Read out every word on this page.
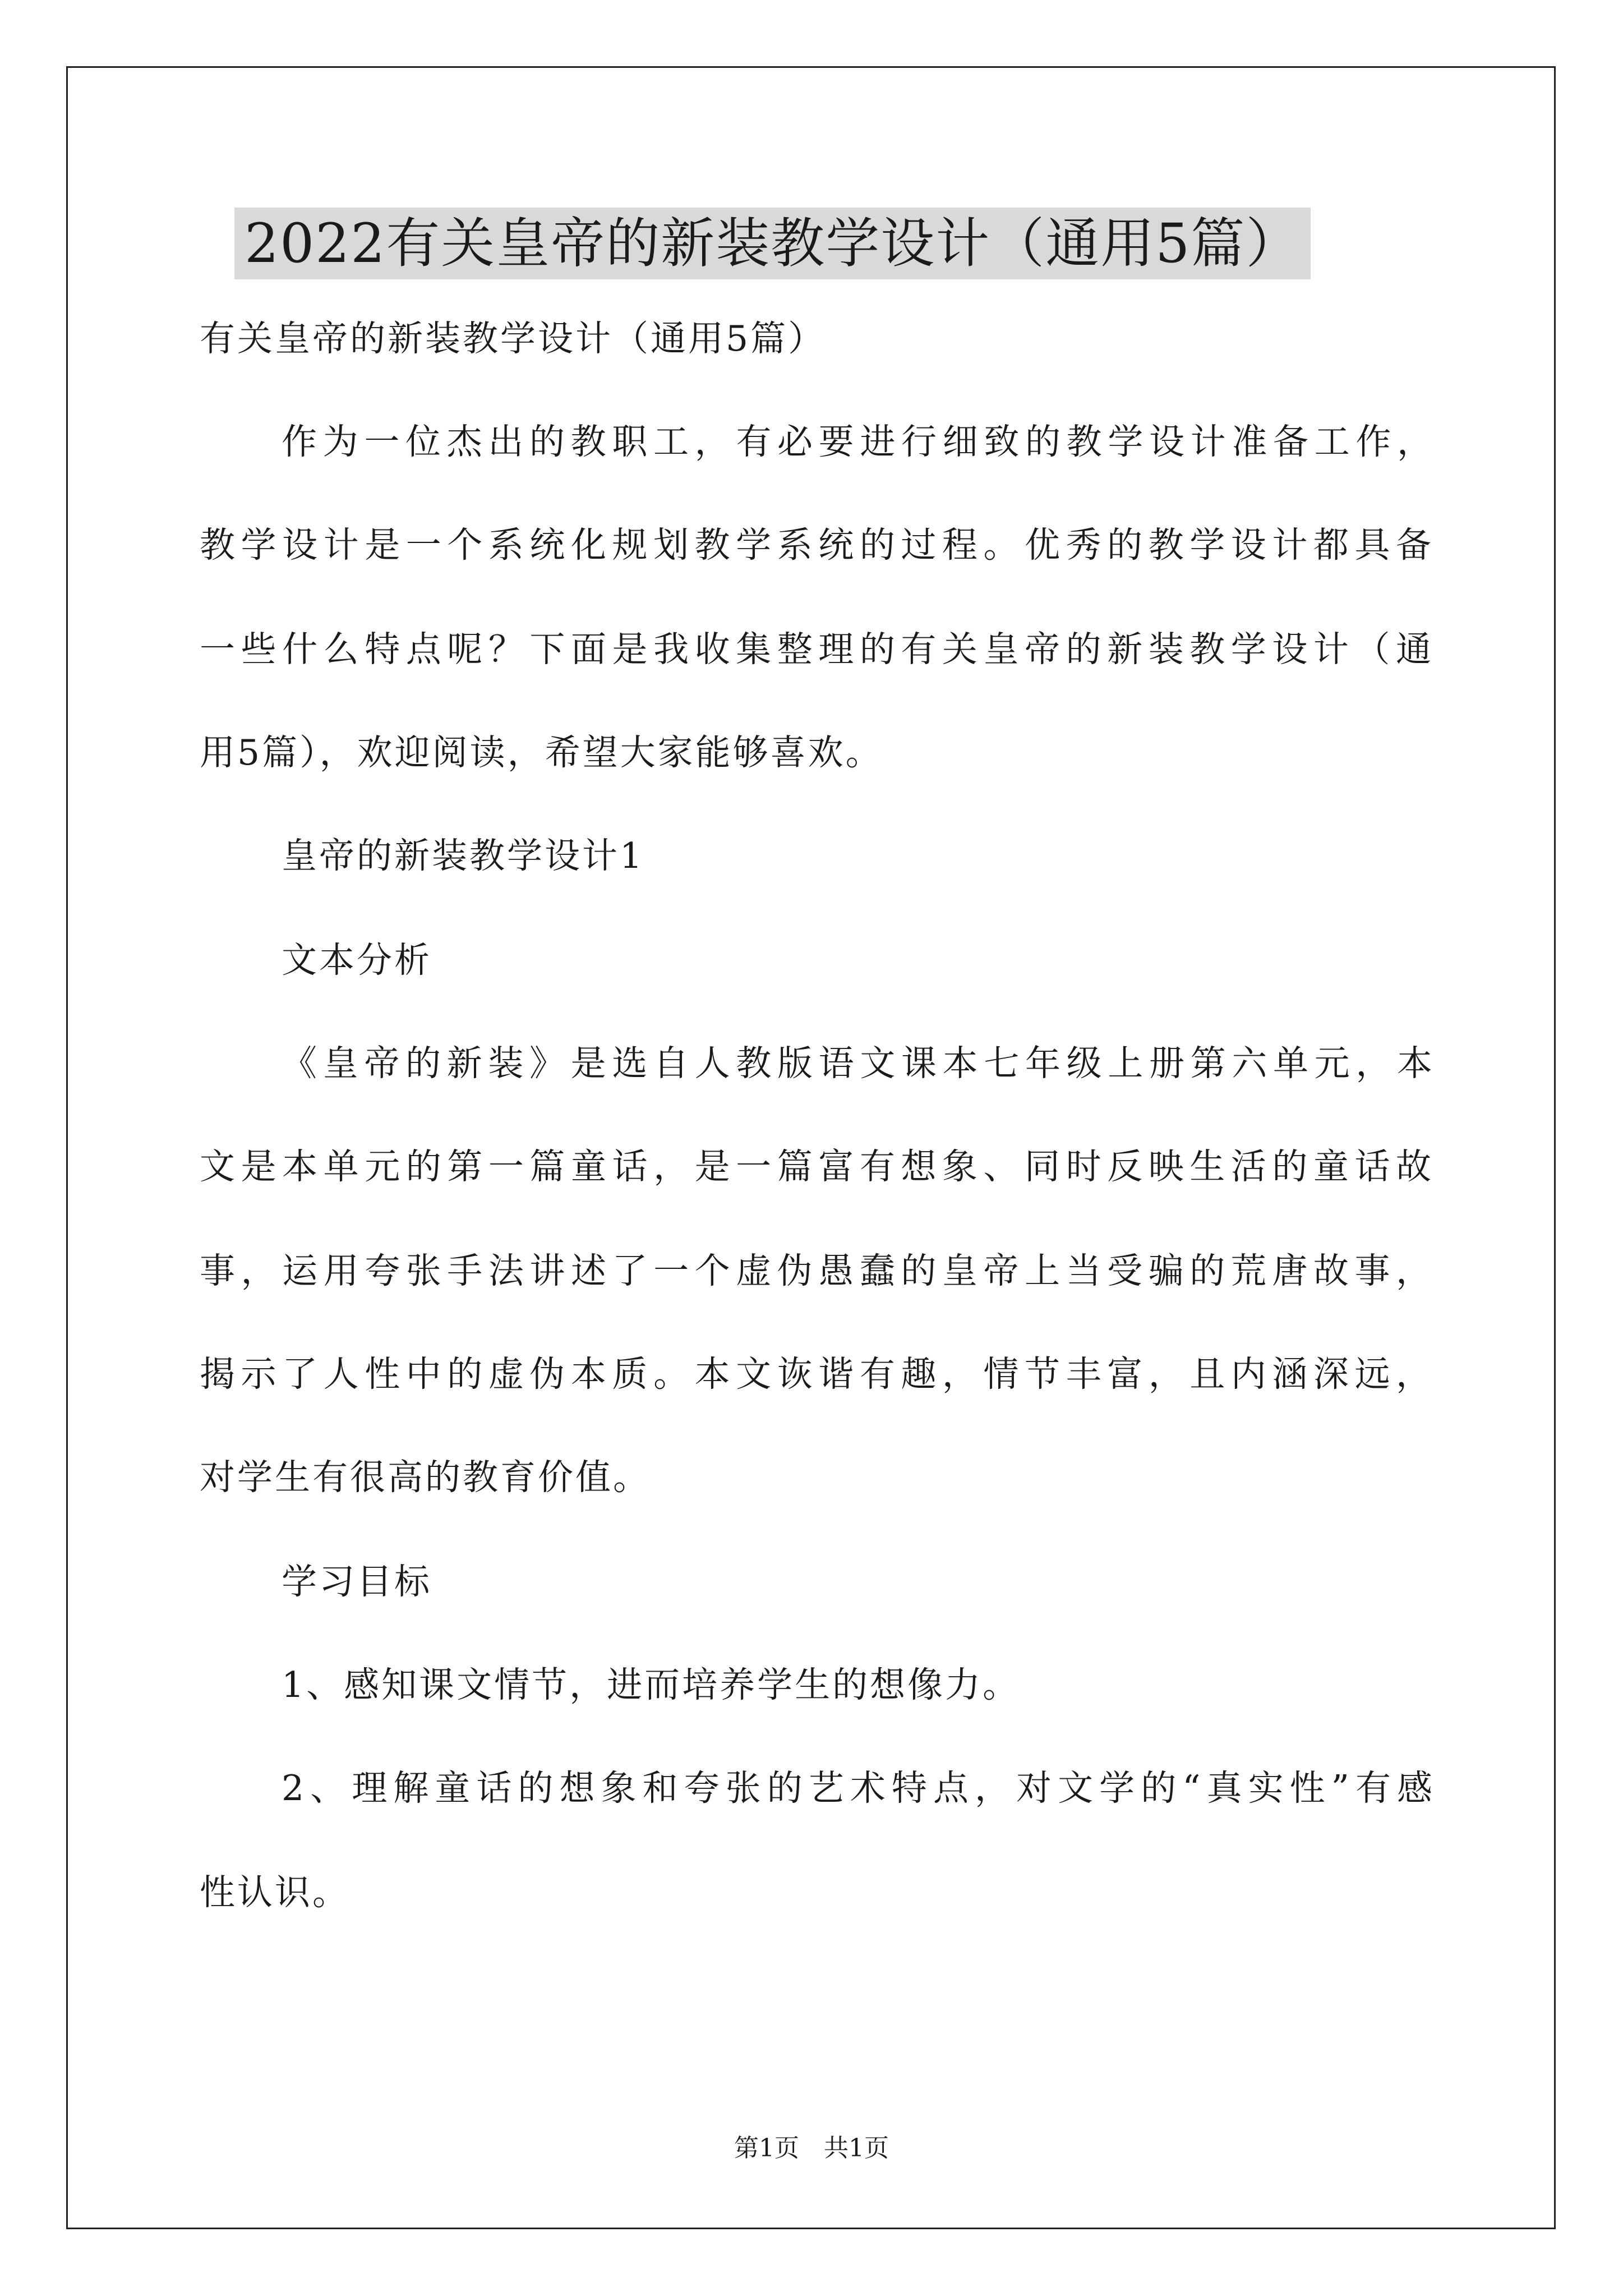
2022有关皇帝的新装教学设计（通用5篇）

有关皇帝的新装教学设计（通用5篇）

作为一位杰出的教职工，有必要进行细致的教学设计准备工作，

教学设计是一个系统化规划教学系统的过程。优秀的教学设计都具备

一些什么特点呢？下面是我收集整理的有关皇帝的新装教学设计（通

用5篇），欢迎阅读，希望大家能够喜欢。

皇帝的新装教学设计1

文本分析

《皇帝的新装》是选自人教版语文课本七年级上册第六单元，本

文是本单元的第一篇童话，是一篇富有想象、同时反映生活的童话故

事，运用夸张手法讲述了一个虚伪愚蠢的皇帝上当受骗的荒唐故事，

揭示了人性中的虚伪本质。本文诙谐有趣，情节丰富，且内涵深远，

对学生有很高的教育价值。

学习目标

1、感知课文情节，进而培养学生的想像力。

2、理解童话的想象和夸张的艺术特点，对文学的“真实性”有感

性认识。

第1页　共1页
